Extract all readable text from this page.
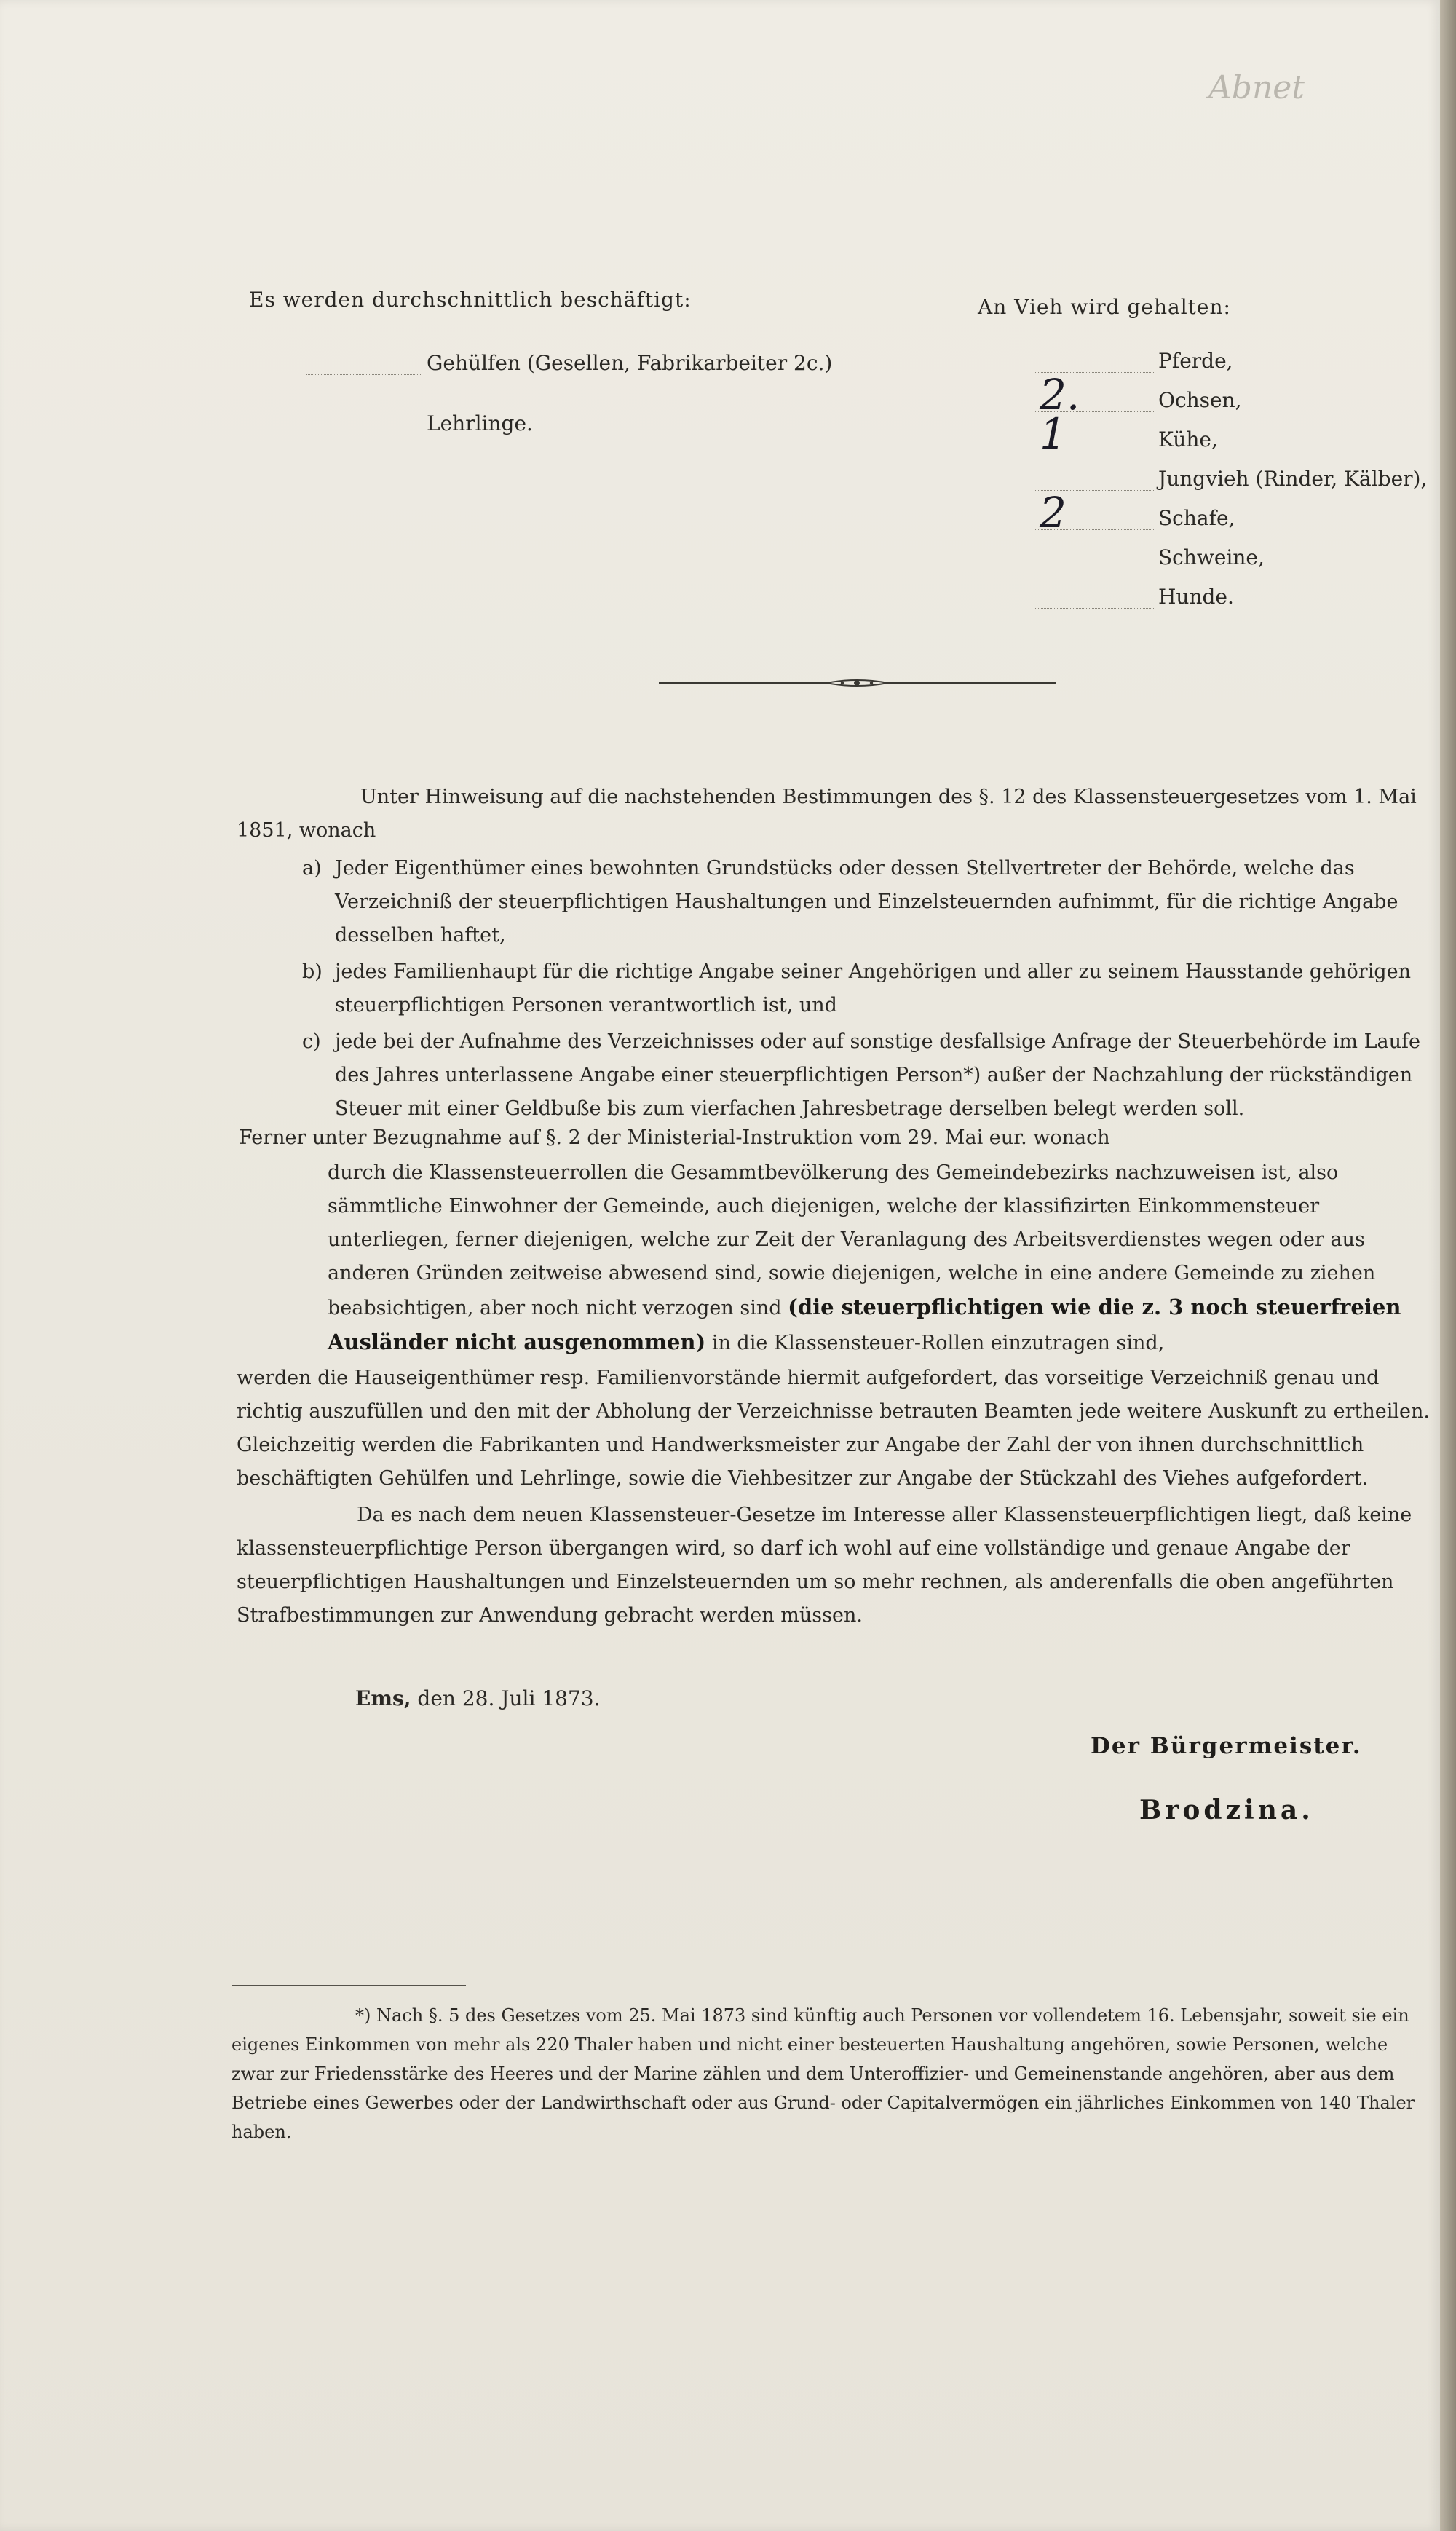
Abnet
Es werden durchschnittlich beschäftigt:
Gehülfen (Gesellen, Fabrikarbeiter 2c.)
Lehrlinge.
An Vieh wird gehalten:
Pferde,
2.	Ochsen,
1	Kühe,
Jungvieh (Rinder, Kälber),
2	Schafe,
Schweine,
Hunde.
Unter Hinweisung auf die nachstehenden Bestimmungen des §. 12 des Klassensteuergesetzes vom 1. Mai 1851, wonach
a) Jeder Eigenthümer eines bewohnten Grundstücks oder dessen Stellvertreter der Behörde, welche das Verzeichniß der steuerpflichtigen Haushaltungen und Einzelsteuernden aufnimmt, für die richtige Angabe desselben haftet,
b) jedes Familienhaupt für die richtige Angabe seiner Angehörigen und aller zu seinem Hausstande gehörigen steuerpflichtigen Personen verantwortlich ist, und
c) jede bei der Aufnahme des Verzeichnisses oder auf sonstige desfallsige Anfrage der Steuerbehörde im Laufe des Jahres unterlassene Angabe einer steuerpflichtigen Person*) außer der Nachzahlung der rückständigen Steuer mit einer Geldbuße bis zum vierfachen Jahresbetrage derselben belegt werden soll.
Ferner unter Bezugnahme auf §. 2 der Ministerial-Instruktion vom 29. Mai eur. wonach
durch die Klassensteuerrollen die Gesammtbevölkerung des Gemeindebezirks nachzuweisen ist, also sämmtliche Einwohner der Gemeinde, auch diejenigen, welche der klassifizirten Einkommensteuer unterliegen, ferner diejenigen, welche zur Zeit der Veranlagung des Arbeitsverdienstes wegen oder aus anderen Gründen zeitweise abwesend sind, sowie diejenigen, welche in eine andere Gemeinde zu ziehen beabsichtigen, aber noch nicht verzogen sind (die steuerpflichtigen wie die z. 3 noch steuerfreien Ausländer nicht ausgenommen) in die Klassensteuer-Rollen einzutragen sind,
werden die Hauseigenthümer resp. Familienvorstände hiermit aufgefordert, das vorseitige Verzeichniß genau und richtig auszufüllen und den mit der Abholung der Verzeichnisse betrauten Beamten jede weitere Auskunft zu ertheilen. Gleichzeitig werden die Fabrikanten und Handwerksmeister zur Angabe der Zahl der von ihnen durchschnittlich beschäftigten Gehülfen und Lehrlinge, sowie die Viehbesitzer zur Angabe der Stückzahl des Viehes aufgefordert.
Da es nach dem neuen Klassensteuer-Gesetze im Interesse aller Klassensteuerpflichtigen liegt, daß keine klassensteuerpflichtige Person übergangen wird, so darf ich wohl auf eine vollständige und genaue Angabe der steuerpflichtigen Haushaltungen und Einzelsteuernden um so mehr rechnen, als anderenfalls die oben angeführten Strafbestimmungen zur Anwendung gebracht werden müssen.
Ems, den 28. Juli 1873.
Der Bürgermeister.
Brodzina.
*) Nach §. 5 des Gesetzes vom 25. Mai 1873 sind künftig auch Personen vor vollendetem 16. Lebensjahr, soweit sie ein eigenes Einkommen von mehr als 220 Thaler haben und nicht einer besteuerten Haushaltung angehören, sowie Personen, welche zwar zur Friedensstärke des Heeres und der Marine zählen und dem Unteroffizier- und Gemeinenstande angehören, aber aus dem Betriebe eines Gewerbes oder der Landwirthschaft oder aus Grund- oder Capitalvermögen ein jährliches Einkommen von 140 Thaler haben.
